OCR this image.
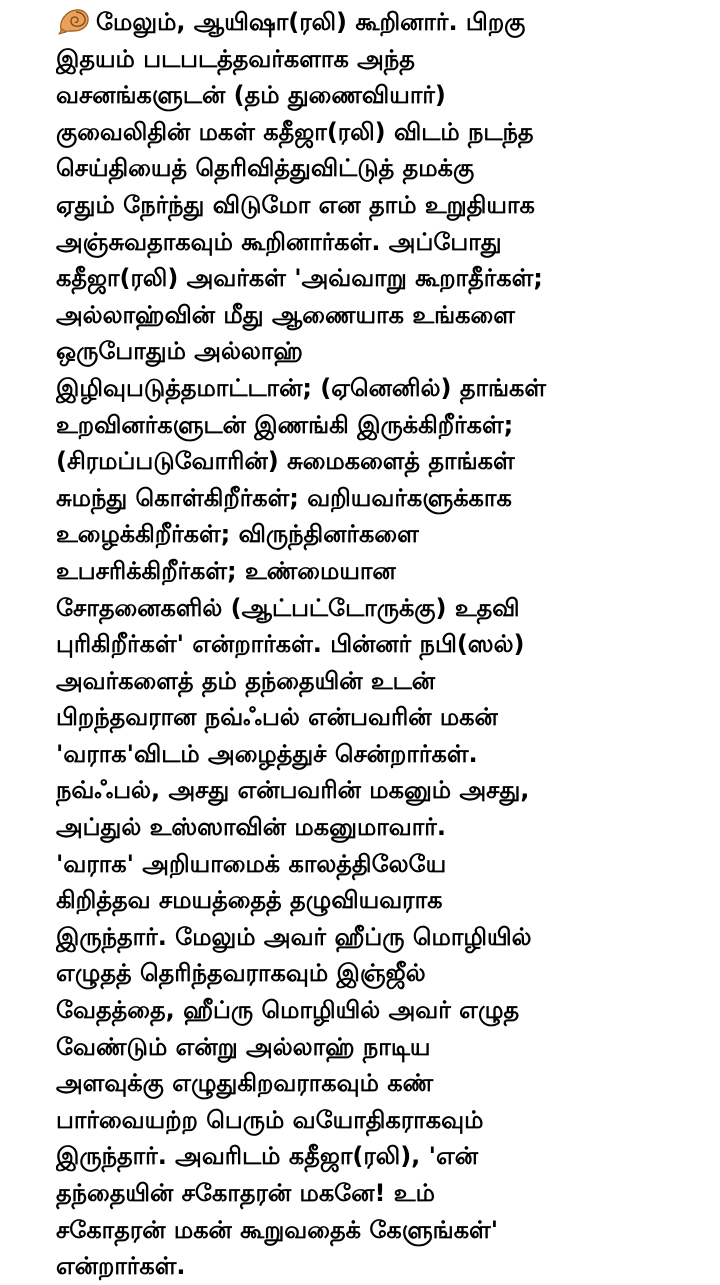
மேலும், ஆயிஷா(ரலி) கூறினார். பிறகு
இதயம் படபடத்தவர்களாக அந்த
வசனங்களுடன் (தம் துணைவியார்)
குவைலிதின் மகள் கதீஜா(ரலி) விடம் நடந்த
செய்தியைத் தெரிவித்துவிட்டுத் தமக்கு
ஏதும் நேர்ந்து விடுமோ என தாம் உறுதியாக
அஞ்சுவதாகவும் கூறினார்கள். அப்போது
கதீஜா(ரலி) அவர்கள் 'அவ்வாறு கூறாதீர்கள்;
அல்லாஹ்வின் மீது ஆணையாக உங்களை
ஒருபோதும் அல்லாஹ்
இழிவுபடுத்தமாட்டான்; (ஏனெனில்) தாங்கள்
உறவினர்களுடன் இணங்கி இருக்கிறீர்கள்;
(சிரமப்படுவோரின்) சுமைகளைத் தாங்கள்
சுமந்து கொள்கிறீர்கள்; வறியவர்களுக்காக
உழைக்கிறீர்கள்; விருந்தினர்களை
உபசரிக்கிறீர்கள்; உண்மையான
சோதனைகளில் (ஆட்பட்டோருக்கு) உதவி
புரிகிறீர்கள்' என்றார்கள். பின்னர் நபி(ஸல்)
அவர்களைத் தம் தந்தையின் உடன்
பிறந்தவரான நவ்ஃபல் என்பவரின் மகன்
'வராக'விடம் அழைத்துச் சென்றார்கள்.
நவ்ஃபல், அசது என்பவரின் மகனும் அசது,
அப்துல் உஸ்ஸாவின் மகனுமாவார்.
'வராக' அறியாமைக் காலத்திலேயே
கிறித்தவ சமயத்தைத் தழுவியவராக
இருந்தார். மேலும் அவர் ஹீப்ரு மொழியில்
எழுதத் தெரிந்தவராகவும் இஞ்ஜீல்
வேதத்தை, ஹீப்ரு மொழியில் அவர் எழுத
வேண்டும் என்று அல்லாஹ் நாடிய
அளவுக்கு எழுதுகிறவராகவும் கண்
பார்வையற்ற பெரும் வயோதிகராகவும்
இருந்தார். அவரிடம் கதீஜா(ரலி), 'என்
தந்தையின் சகோதரன் மகனே! உம்
சகோதரன் மகன் கூறுவதைக் கேளுங்கள்'
என்றார்கள்.
